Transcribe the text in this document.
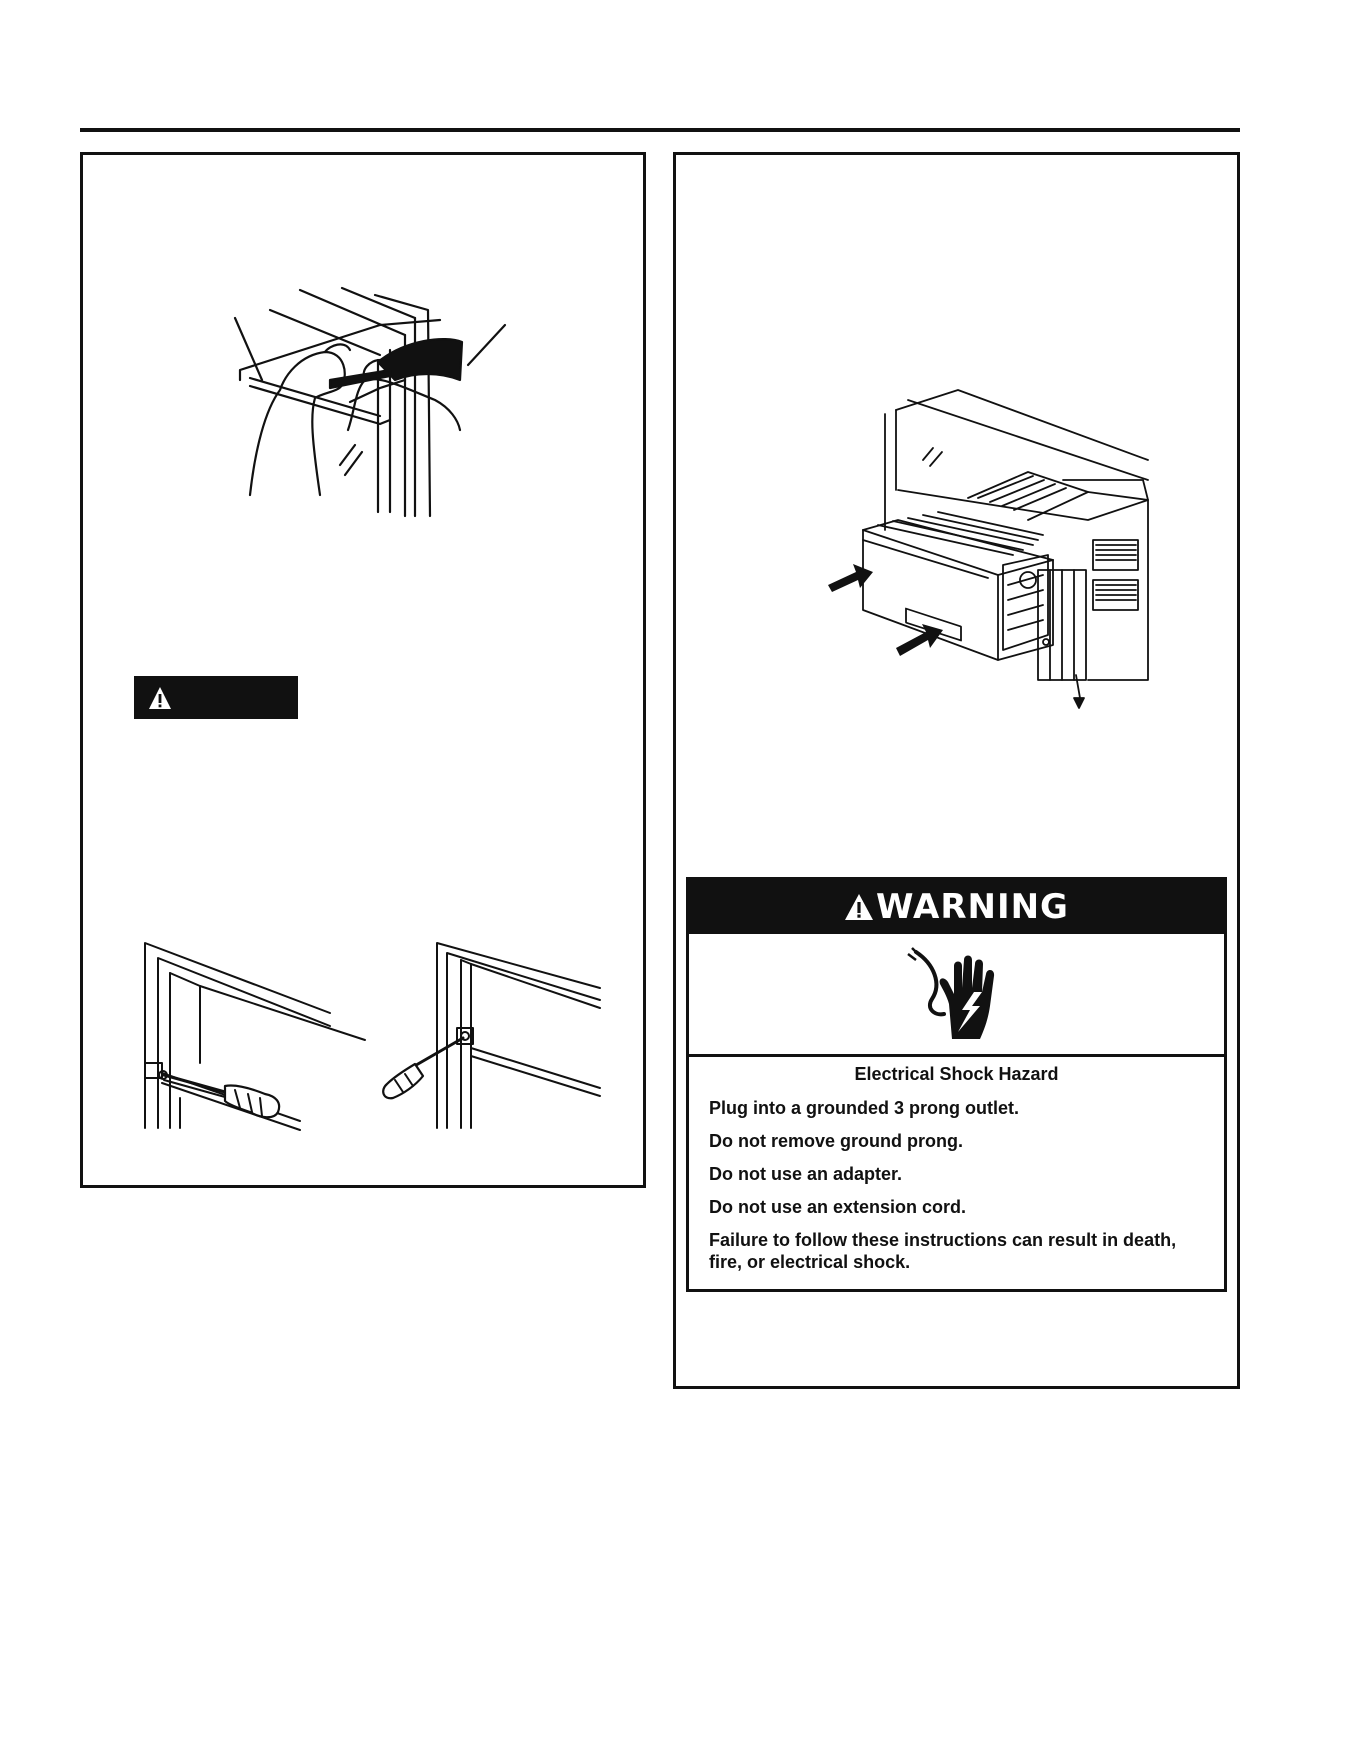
WARNING
Electrical Shock Hazard
Plug into a grounded 3 prong outlet.
Do not remove ground prong.
Do not use an adapter.
Do not use an extension cord.
Failure to follow these instructions can result in death, fire, or electrical shock.
